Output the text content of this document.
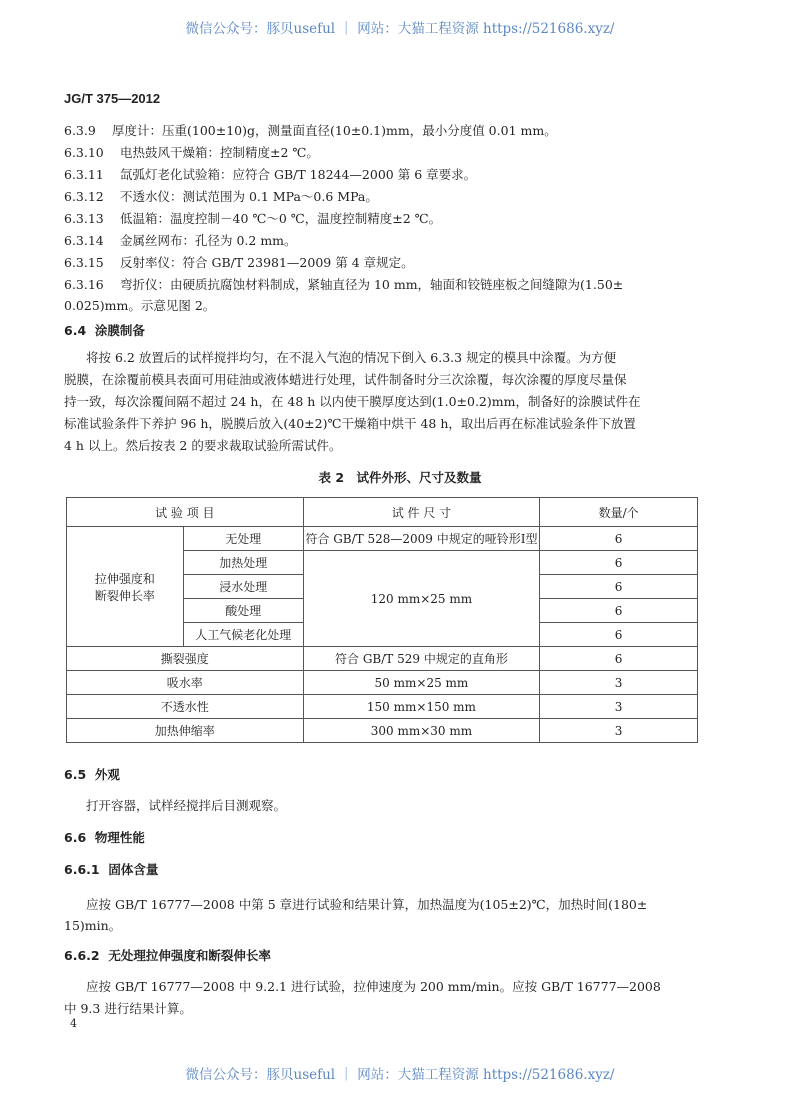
微信公众号：豚贝useful ｜ 网站：大猫工程资源 https://521686.xyz/
JG/T 375—2012
6.3.9 厚度计：压重(100±10)g，测量面直径(10±0.1)mm，最小分度值 0.01 mm。
6.3.10 电热鼓风干燥箱：控制精度±2 ℃。
6.3.11 氙弧灯老化试验箱：应符合 GB/T 18244—2000 第 6 章要求。
6.3.12 不透水仪：测试范围为 0.1 MPa～0.6 MPa。
6.3.13 低温箱：温度控制－40 ℃～0 ℃，温度控制精度±2 ℃。
6.3.14 金属丝网布：孔径为 0.2 mm。
6.3.15 反射率仪：符合 GB/T 23981—2009 第 4 章规定。
6.3.16 弯折仪：由硬质抗腐蚀材料制成，紧轴直径为 10 mm，轴面和铰链座板之间缝隙为(1.50±
0.025)mm。示意见图 2。
6.4 涂膜制备
将按 6.2 放置后的试样搅拌均匀，在不混入气泡的情况下倒入 6.3.3 规定的模具中涂覆。为方便
脱膜，在涂覆前模具表面可用硅油或液体蜡进行处理，试件制备时分三次涂覆，每次涂覆的厚度尽量保
持一致，每次涂覆间隔不超过 24 h，在 48 h 以内使干膜厚度达到(1.0±0.2)mm，制备好的涂膜试件在
标准试验条件下养护 96 h，脱膜后放入(40±2)℃干燥箱中烘干 48 h，取出后再在标准试验条件下放置
4 h 以上。然后按表 2 的要求裁取试验所需试件。
表 2　试件外形、尺寸及数量
试 验 项 目		试 件 尺 寸	数量/个
拉伸强度和
断裂伸长率	无处理	符合 GB/T 528—2009 中规定的哑铃形Ⅰ型	6
	加热处理	120 mm×25 mm	6
	浸水处理		6
	酸处理		6
	人工气候老化处理		6
撕裂强度		符合 GB/T 529 中规定的直角形	6
吸水率		50 mm×25 mm	3
不透水性		150 mm×150 mm	3
加热伸缩率		300 mm×30 mm	3
6.5 外观
打开容器，试样经搅拌后目测观察。
6.6 物理性能
6.6.1 固体含量
应按 GB/T 16777—2008 中第 5 章进行试验和结果计算，加热温度为(105±2)℃，加热时间(180±
15)min。
6.6.2 无处理拉伸强度和断裂伸长率
应按 GB/T 16777—2008 中 9.2.1 进行试验，拉伸速度为 200 mm/min。应按 GB/T 16777—2008
中 9.3 进行结果计算。
4
微信公众号：豚贝useful ｜ 网站：大猫工程资源 https://521686.xyz/
